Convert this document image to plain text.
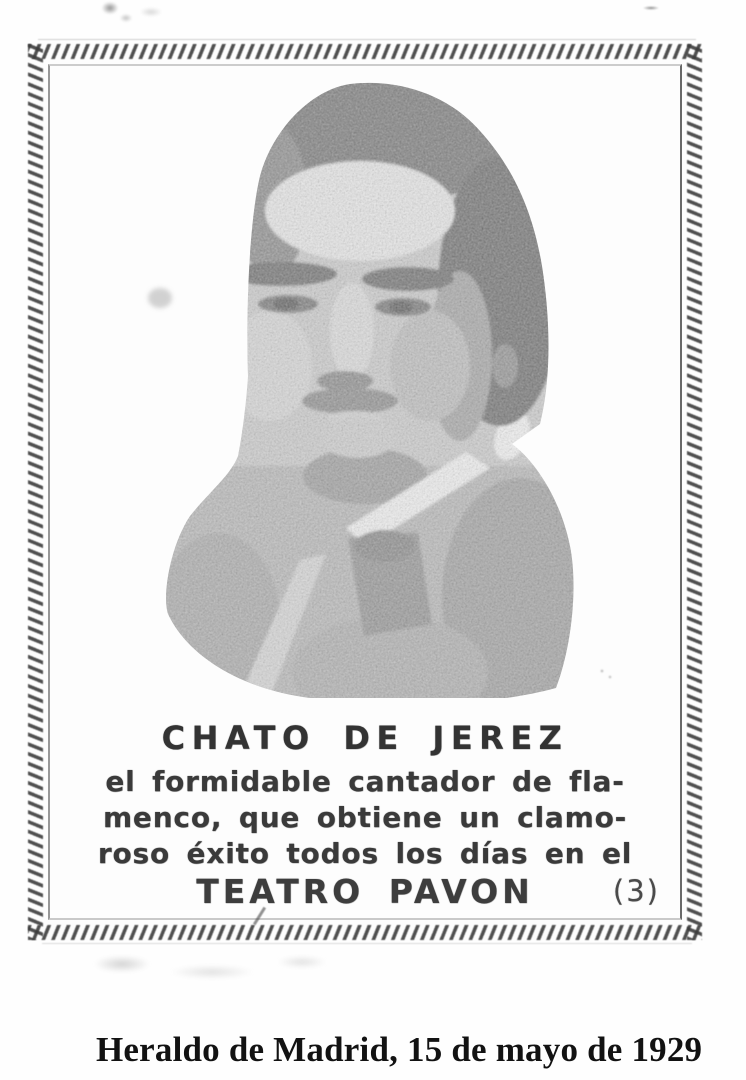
CHATO DE JEREZ
el formidable cantador de fla-
menco, que obtiene un clamo-
roso éxito todos los días en el
TEATRO PAVON	(3)
Heraldo de Madrid, 15 de mayo de 1929
